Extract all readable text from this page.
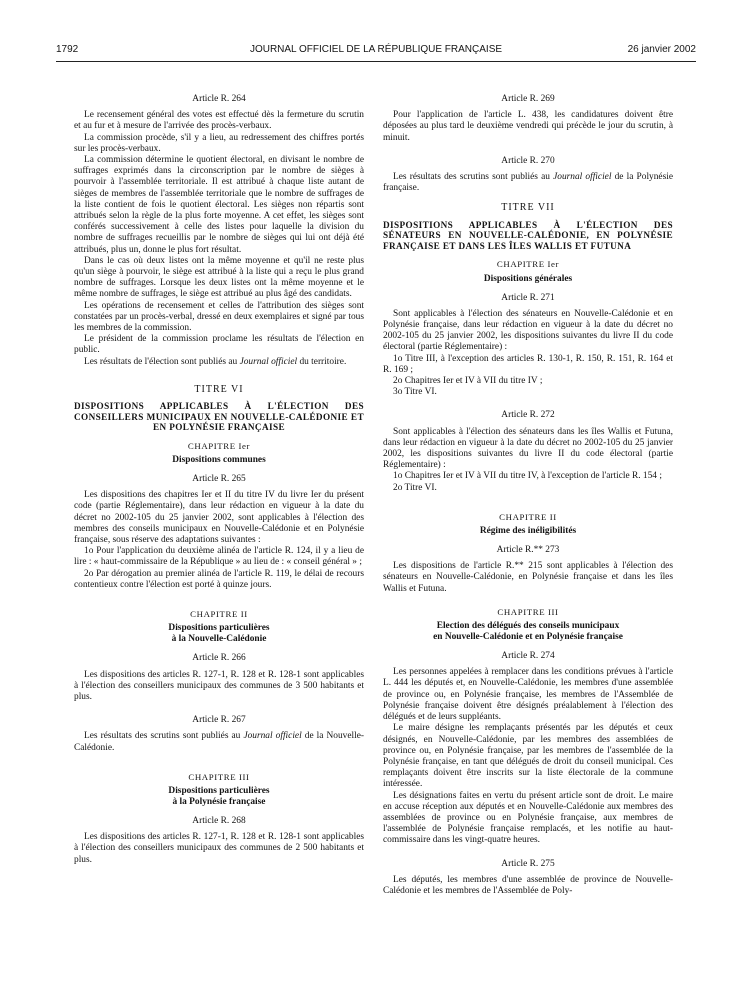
1792	JOURNAL OFFICIEL DE LA RÉPUBLIQUE FRANÇAISE	26 janvier 2002
Article R. 264

Le recensement général des votes est effectué dès la fermeture du scrutin et au fur et à mesure de l'arrivée des procès-verbaux.

La commission procède, s'il y a lieu, au redressement des chiffres portés sur les procès-verbaux.

La commission détermine le quotient électoral, en divisant le nombre de suffrages exprimés dans la circonscription par le nombre de sièges à pourvoir à l'assemblée territoriale. Il est attribué à chaque liste autant de sièges de membres de l'assemblée territoriale que le nombre de suffrages de la liste contient de fois le quotient électoral. Les sièges non répartis sont attribués selon la règle de la plus forte moyenne. A cet effet, les sièges sont conférés successivement à celle des listes pour laquelle la division du nombre de suffrages recueillis par le nombre de sièges qui lui ont déjà été attribués, plus un, donne le plus fort résultat.

Dans le cas où deux listes ont la même moyenne et qu'il ne reste plus qu'un siège à pourvoir, le siège est attribué à la liste qui a reçu le plus grand nombre de suffrages. Lorsque les deux listes ont la même moyenne et le même nombre de suffrages, le siège est attribué au plus âgé des candidats.

Les opérations de recensement et celles de l'attribution des sièges sont constatées par un procès-verbal, dressé en deux exemplaires et signé par tous les membres de la commission.

Le président de la commission proclame les résultats de l'élection en public.

Les résultats de l'élection sont publiés au Journal officiel du territoire.

TITRE VI
DISPOSITIONS APPLICABLES À L'ÉLECTION DES CONSEILLERS MUNICIPAUX EN NOUVELLE-CALÉDONIE ET EN POLYNÉSIE FRANÇAISE
CHAPITRE Ier
Dispositions communes
Article R. 265

Les dispositions des chapitres Ier et II du titre IV du livre Ier du présent code (partie Réglementaire), dans leur rédaction en vigueur à la date du décret no 2002-105 du 25 janvier 2002, sont applicables à l'élection des membres des conseils municipaux en Nouvelle-Calédonie et en Polynésie française, sous réserve des adaptations suivantes :

1o Pour l'application du deuxième alinéa de l'article R. 124, il y a lieu de lire : « haut-commissaire de la République » au lieu de : « conseil général » ;

2o Par dérogation au premier alinéa de l'article R. 119, le délai de recours contentieux contre l'élection est porté à quinze jours.

CHAPITRE II
Dispositions particulières
à la Nouvelle-Calédonie
Article R. 266

Les dispositions des articles R. 127-1, R. 128 et R. 128-1 sont applicables à l'élection des conseillers municipaux des communes de 3 500 habitants et plus.

Article R. 267

Les résultats des scrutins sont publiés au Journal officiel de la Nouvelle-Calédonie.

CHAPITRE III
Dispositions particulières
à la Polynésie française
Article R. 268

Les dispositions des articles R. 127-1, R. 128 et R. 128-1 sont applicables à l'élection des conseillers municipaux des communes de 2 500 habitants et plus.

Article R. 269

Pour l'application de l'article L. 438, les candidatures doivent être déposées au plus tard le deuxième vendredi qui précède le jour du scrutin, à minuit.

Article R. 270

Les résultats des scrutins sont publiés au Journal officiel de la Polynésie française.

TITRE VII
DISPOSITIONS APPLICABLES À L'ÉLECTION DES SÉNATEURS EN NOUVELLE-CALÉDONIE, EN POLYNÉSIE FRANÇAISE ET DANS LES ÎLES WALLIS ET FUTUNA
CHAPITRE Ier
Dispositions générales
Article R. 271

Sont applicables à l'élection des sénateurs en Nouvelle-Calédonie et en Polynésie française, dans leur rédaction en vigueur à la date du décret no 2002-105 du 25 janvier 2002, les dispositions suivantes du livre II du code électoral (partie Réglementaire) :

1o Titre III, à l'exception des articles R. 130-1, R. 150, R. 151, R. 164 et R. 169 ;

2o Chapitres Ier et IV à VII du titre IV ;

3o Titre VI.

Article R. 272

Sont applicables à l'élection des sénateurs dans les îles Wallis et Futuna, dans leur rédaction en vigueur à la date du décret no 2002-105 du 25 janvier 2002, les dispositions suivantes du livre II du code électoral (partie Réglementaire) :

1o Chapitres Ier et IV à VII du titre IV, à l'exception de l'article R. 154 ;

2o Titre VI.

CHAPITRE II
Régime des inéligibilités
Article R.** 273

Les dispositions de l'article R.** 215 sont applicables à l'élection des sénateurs en Nouvelle-Calédonie, en Polynésie française et dans les îles Wallis et Futuna.

CHAPITRE III
Election des délégués des conseils municipaux
en Nouvelle-Calédonie et en Polynésie française
Article R. 274

Les personnes appelées à remplacer dans les conditions prévues à l'article L. 444 les députés et, en Nouvelle-Calédonie, les membres d'une assemblée de province ou, en Polynésie française, les membres de l'Assemblée de Polynésie française doivent être désignés préalablement à l'élection des délégués et de leurs suppléants.

Le maire désigne les remplaçants présentés par les députés et ceux désignés, en Nouvelle-Calédonie, par les membres des assemblées de province ou, en Polynésie française, par les membres de l'assemblée de la Polynésie française, en tant que délégués de droit du conseil municipal. Ces remplaçants doivent être inscrits sur la liste électorale de la commune intéressée.

Les désignations faites en vertu du présent article sont de droit. Le maire en accuse réception aux députés et en Nouvelle-Calédonie aux membres des assemblées de province ou en Polynésie française, aux membres de l'assemblée de Polynésie française remplacés, et les notifie au haut-commissaire dans les vingt-quatre heures.

Article R. 275

Les députés, les membres d'une assemblée de province de Nouvelle-Calédonie et les membres de l'Assemblée de Poly-
